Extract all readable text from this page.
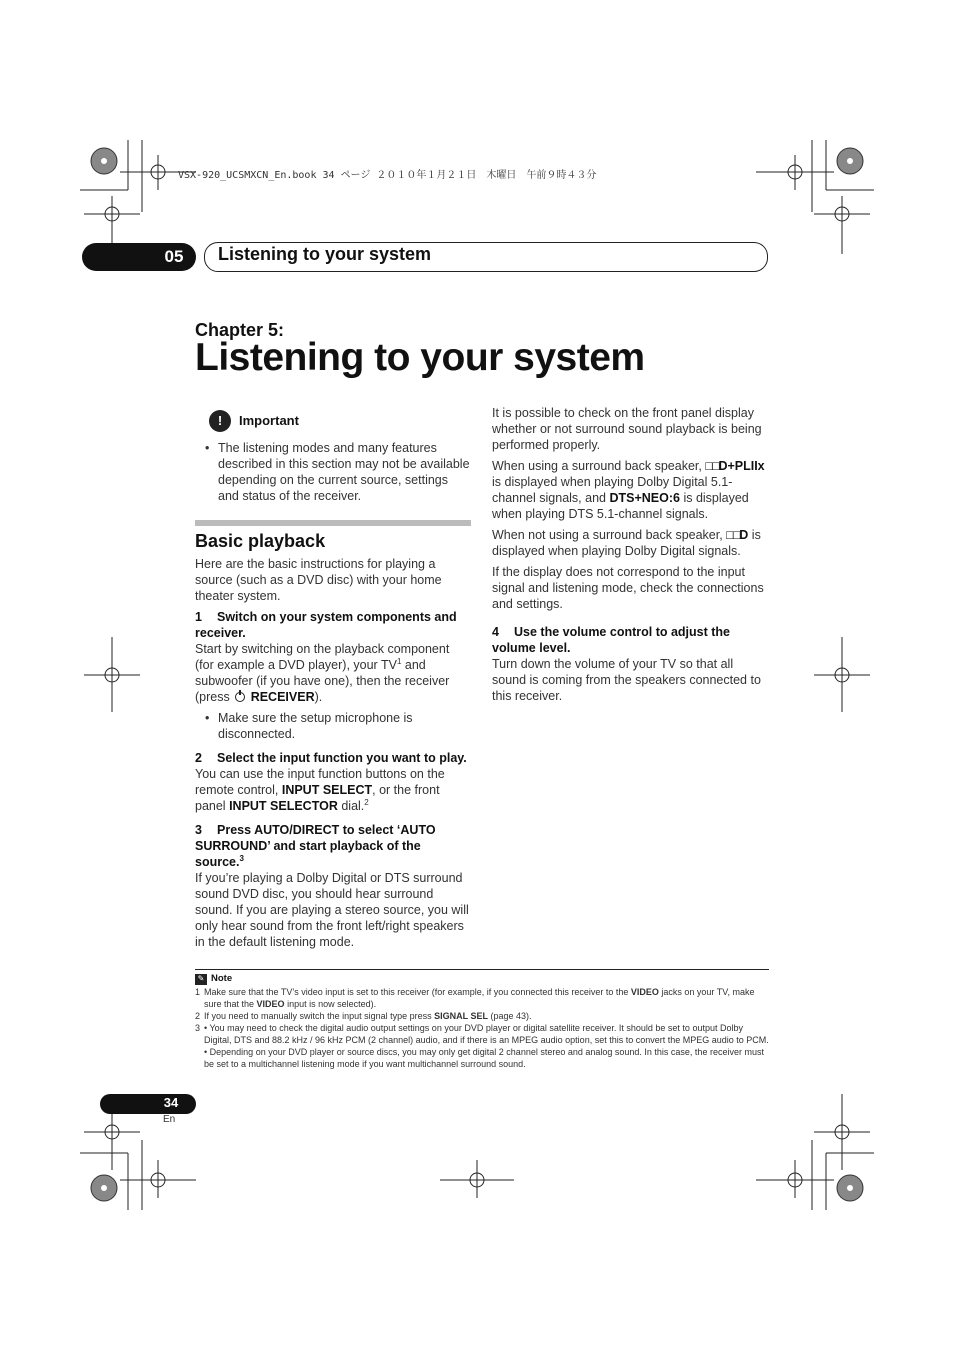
VSX-920_UCSMXCN_En.book 34 ページ ２０１０年１月２１日　木曜日　午前９時４３分
05	Listening to your system
Chapter 5:
Listening to your system
!	Important
• The listening modes and many features described in this section may not be available depending on the current source, settings and status of the receiver.
Basic playback

Here are the basic instructions for playing a source (such as a DVD disc) with your home theater system.

1 Switch on your system components and receiver.

Start by switching on the playback component (for example a DVD player), your $TV^1$ and subwoofer (if you have one), then the receiver (press  RECEIVER).

• Make sure the setup microphone is disconnected.
2 Select the input function you want to play.

You can use the input function buttons on the remote control, INPUT SELECT, or the front panel INPUT SELECTOR dial.$^2$

3 Press AUTO/DIRECT to select ‘AUTO SURROUND’ and start playback of the source.$^3$

If you’re playing a Dolby Digital or DTS surround sound DVD disc, you should hear surround sound. If you are playing a stereo source, you will only hear sound from the front left/right speakers in the default listening mode.

It is possible to check on the front panel display whether or not surround sound playback is being performed properly.

When using a surround back speaker, □□D+PLIIx is displayed when playing Dolby Digital 5.1-channel signals, and DTS+NEO:6 is displayed when playing DTS 5.1-channel signals.

When not using a surround back speaker, □□D is displayed when playing Dolby Digital signals.

If the display does not correspond to the input signal and listening mode, check the connections and settings.

4 Use the volume control to adjust the volume level.

Turn down the volume of your TV so that all sound is coming from the speakers connected to this receiver.

✎ Note
1 Make sure that the TV’s video input is set to this receiver (for example, if you connected this receiver to the VIDEO jacks on your TV, make sure that the VIDEO input is now selected).
2 If you need to manually switch the input signal type press SIGNAL SEL (page 43).
3 • You may need to check the digital audio output settings on your DVD player or digital satellite receiver. It should be set to output Dolby Digital, DTS and 88.2 kHz / 96 kHz PCM (2 channel) audio, and if there is an MPEG audio option, set this to convert the MPEG audio to PCM.
• Depending on your DVD player or source discs, you may only get digital 2 channel stereo and analog sound. In this case, the receiver must be set to a multichannel listening mode if you want multichannel surround sound.
34
En
